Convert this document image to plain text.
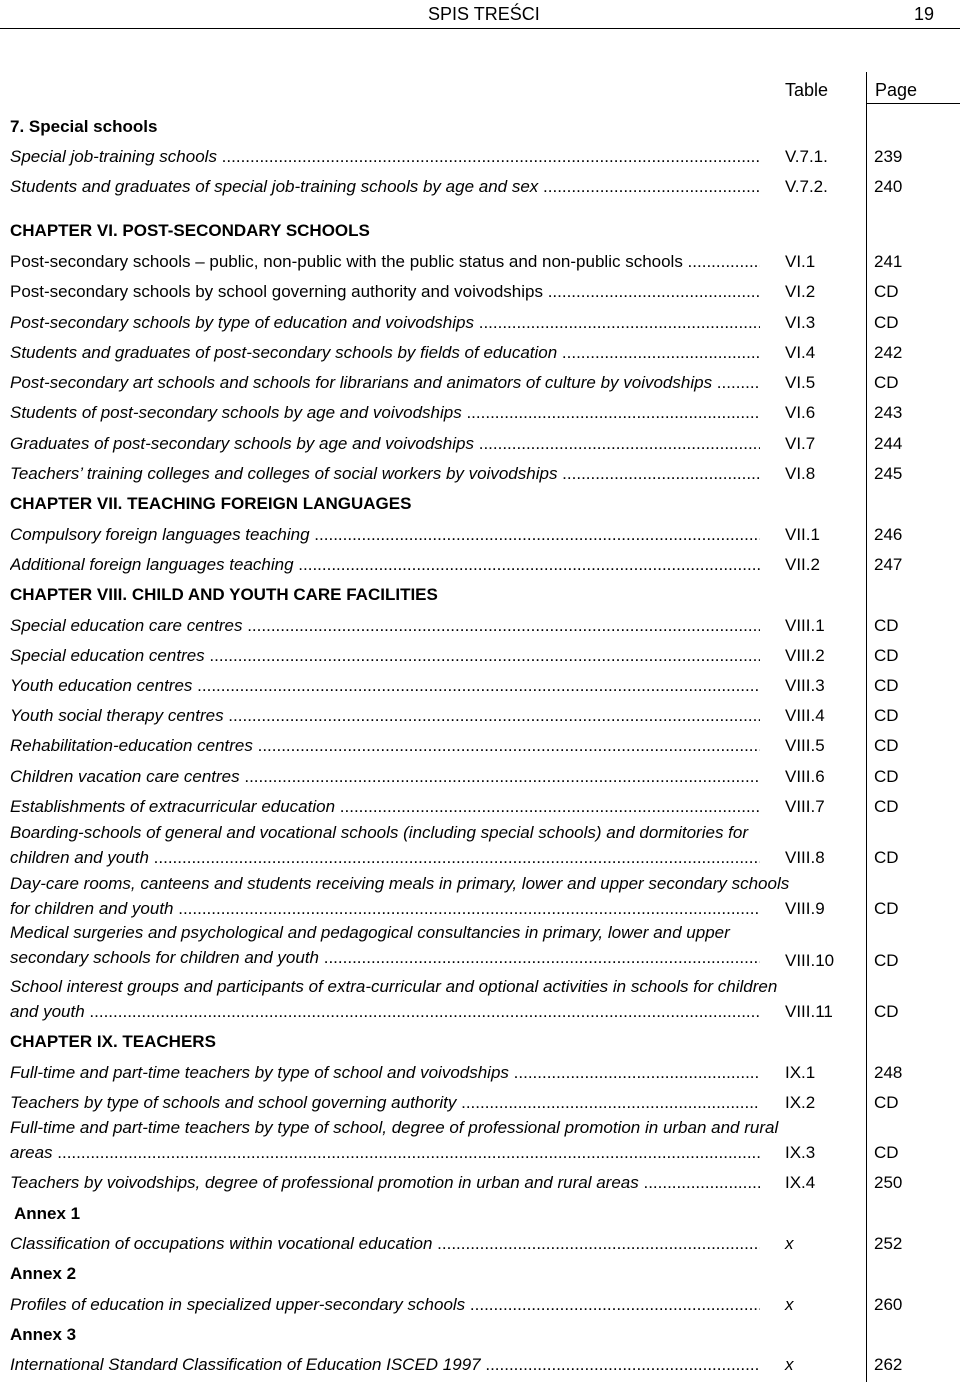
SPIS TREŚCI	19
Table	Page
7. Special schools
Special job-training schools .....	V.7.1.	239
Students and graduates of special job-training schools by age and sex .....	V.7.2.	240
CHAPTER VI. POST-SECONDARY SCHOOLS
Post-secondary schools – public, non-public with the public status and non-public schools .....	VI.1	241
Post-secondary schools by school governing authority and voivodships .....	VI.2	CD
Post-secondary schools by type of education and voivodships .....	VI.3	CD
Students and graduates of post-secondary schools by fields of education .....	VI.4	242
Post-secondary art schools and schools for librarians and animators of culture by voivodships .....	VI.5	CD
Students of post-secondary schools by age and voivodships .....	VI.6	243
Graduates of post-secondary schools by age and voivodships .....	VI.7	244
Teachers’ training colleges and colleges of social workers by voivodships .....	VI.8	245
CHAPTER VII. TEACHING FOREIGN LANGUAGES
Compulsory foreign languages teaching .....	VII.1	246
Additional foreign languages teaching .....	VII.2	247
CHAPTER VIII. CHILD AND YOUTH CARE FACILITIES
Special education care centres .....	VIII.1	CD
Special education centres .....	VIII.2	CD
Youth education centres .....	VIII.3	CD
Youth social therapy centres .....	VIII.4	CD
Rehabilitation-education centres .....	VIII.5	CD
Children vacation care centres .....	VIII.6	CD
Establishments of extracurricular education .....	VIII.7	CD
Boarding-schools of general and vocational schools (including special schools) and dormitories for
children and youth .....	VIII.8	CD
Day-care rooms, canteens and students receiving meals in primary, lower and upper secondary schools
for children and youth .....	VIII.9	CD
Medical surgeries and psychological and pedagogical consultancies in primary, lower and upper
secondary schools for children and youth .....	VIII.10 CD
School interest groups and participants of extra-curricular and optional activities in schools for children
and youth .....	VIII.11 CD
CHAPTER IX. TEACHERS
Full-time and part-time teachers by type of school and voivodships .....	IX.1	248
Teachers by type of schools and school governing authority .....	IX.2	CD
Full-time and part-time teachers by type of school, degree of professional promotion in urban and rural
areas .....	IX.3	CD
Teachers by voivodships, degree of professional promotion in urban and rural areas .....	IX.4	250
Annex 1
Classification of occupations within vocational education .....	x	252
Annex 2
Profiles of education in specialized upper-secondary schools .....	x	260
Annex 3
International Standard Classification of Education ISCED 1997 .....	x	262
